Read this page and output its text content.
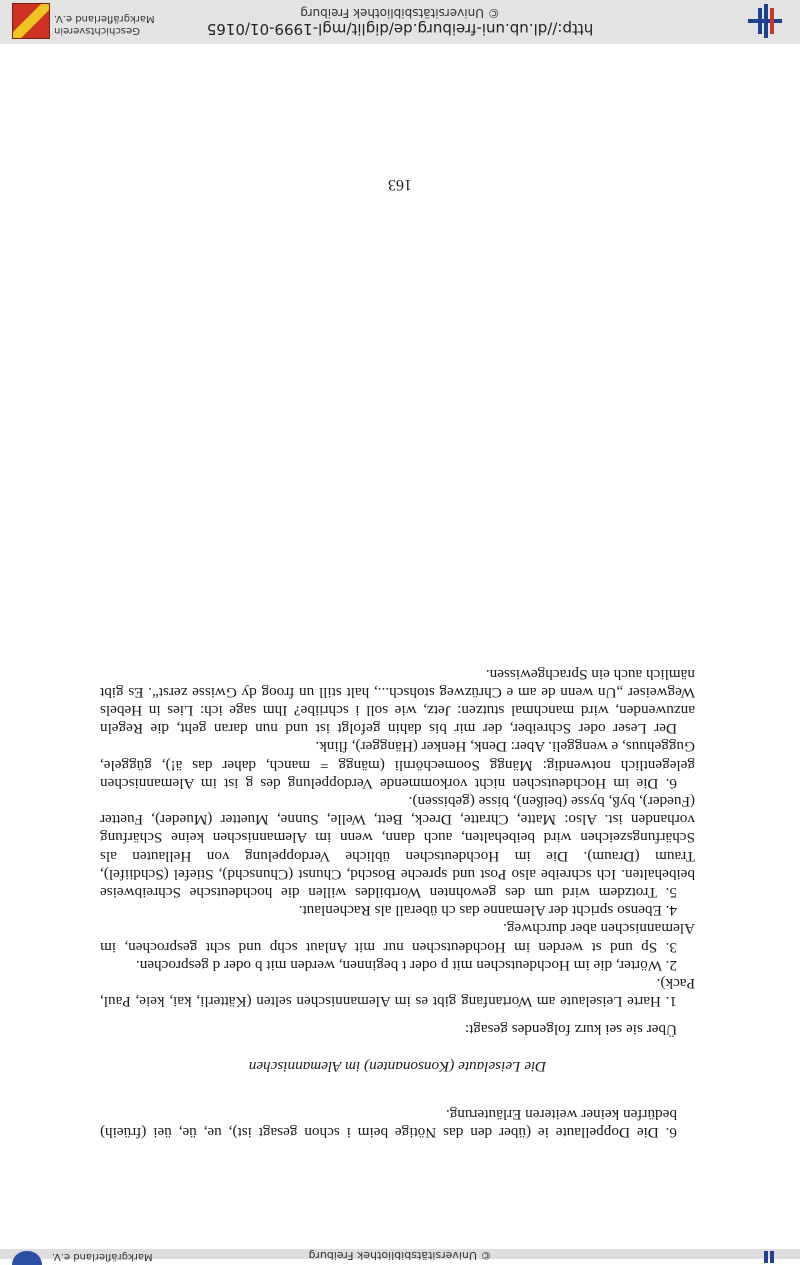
© Universitätsbibliothek Freiburg
Markgräflerland e.V.

6. Die Doppellaute ie (über den das Nötige beim i schon gesagt ist), ue, üe, üei (früeih) bedürfen keiner weiteren Erläuterung.

Die Leiselaute (Konsonanten) im Alemannischen

Über sie sei kurz folgendes gesagt:

1. Harte Leiselaute am Wortanfang gibt es im Alemannischen selten (Kätterli, kai, keie, Paul, Pack).

2. Wörter, die im Hochdeutschen mit p oder t beginnen, werden mit b oder d gesprochen.

3. Sp und st werden im Hochdeutschen nur mit Anlaut schp und scht gesprochen, im Alemannischen aber durchweg.

4. Ebenso spricht der Alemanne das ch überall als Rachenlaut.

5. Trotzdem wird um des gewohnten Wortbildes willen die hochdeutsche Schreibweise beibehalten. Ich schreibe also Post und spreche Boschd, Chunst (Chunschd), Stiefel (Schdiifel), Traum (Draum). Die im Hochdeutschen übliche Verdoppelung von Hellauten als Schärfungszeichen wird beibehalten, auch dann, wenn im Alemannischen keine Schärfung vorhanden ist. Also: Matte, Chratte, Dreck, Bett, Welle, Sunne, Muetter (Mueder), Fuetter (Fueder), byß, bysse (beißen), bisse (gebissen).

6. Die im Hochdeutschen nicht vorkommende Verdoppelung des g ist im Alemannischen gelegentlich notwendig: Mängg Soomechörnli (mängg = manch, daher das ä!), güggele, Guggehuus, e wenggeli. Aber: Denk, Henker (Hängger), flink.

Der Leser oder Schreiber, der mir bis dahin gefolgt ist und nun daran geht, die Regeln anzuwenden, wird manchmal stutzen: Jetz, wie soll i schriibe? Ihm sage ich: Lies in Hebels Wegweiser „Un wenn de am e Chrüzweg stohsch..., halt still un froog dy Gwisse zerst“. Es gibt nämlich auch ein Sprachgewissen.

163
http://dl.ub.uni-freiburg.de/diglit/mgl-1999-01/0165
© Universitätsbibliothek Freiburg
Geschichtsverein
Markgräflerland e.V.
